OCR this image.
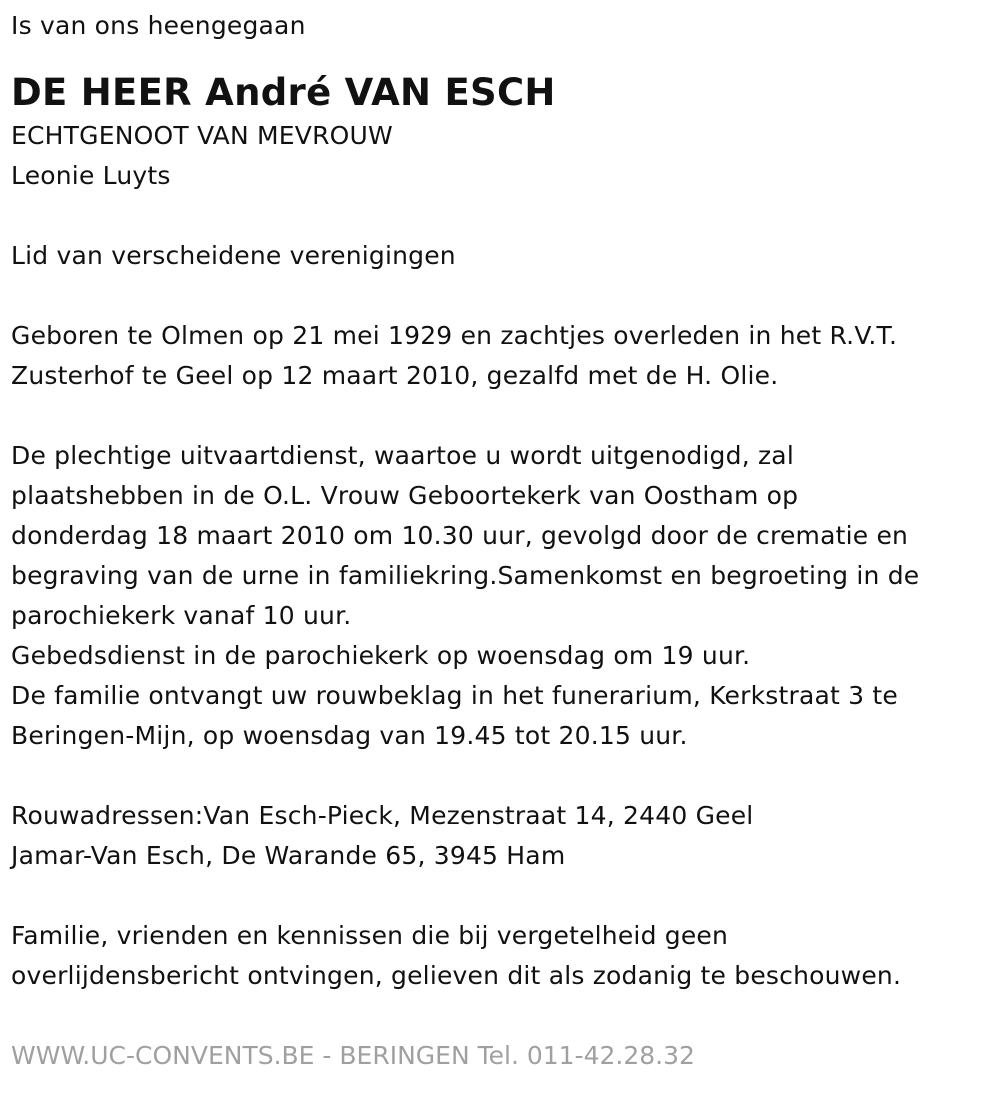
Is van ons heengegaan
DE HEER André VAN ESCH
ECHTGENOOT VAN MEVROUW
Leonie Luyts
Lid van verscheidene verenigingen
Geboren te Olmen op 21 mei 1929 en zachtjes overleden in het R.V.T.
Zusterhof te Geel op 12 maart 2010, gezalfd met de H. Olie.
De plechtige uitvaartdienst, waartoe u wordt uitgenodigd, zal
plaatshebben in de O.L. Vrouw Geboortekerk van Oostham op
donderdag 18 maart 2010 om 10.30 uur, gevolgd door de crematie en
begraving van de urne in familiekring.Samenkomst en begroeting in de
parochiekerk vanaf 10 uur.
Gebedsdienst in de parochiekerk op woensdag om 19 uur.
De familie ontvangt uw rouwbeklag in het funerarium, Kerkstraat 3 te
Beringen-Mijn, op woensdag van 19.45 tot 20.15 uur.
Rouwadressen:Van Esch-Pieck, Mezenstraat 14, 2440 Geel
Jamar-Van Esch, De Warande 65, 3945 Ham
Familie, vrienden en kennissen die bij vergetelheid geen
overlijdensbericht ontvingen, gelieven dit als zodanig te beschouwen.
WWW.UC-CONVENTS.BE - BERINGEN Tel. 011-42.28.32
